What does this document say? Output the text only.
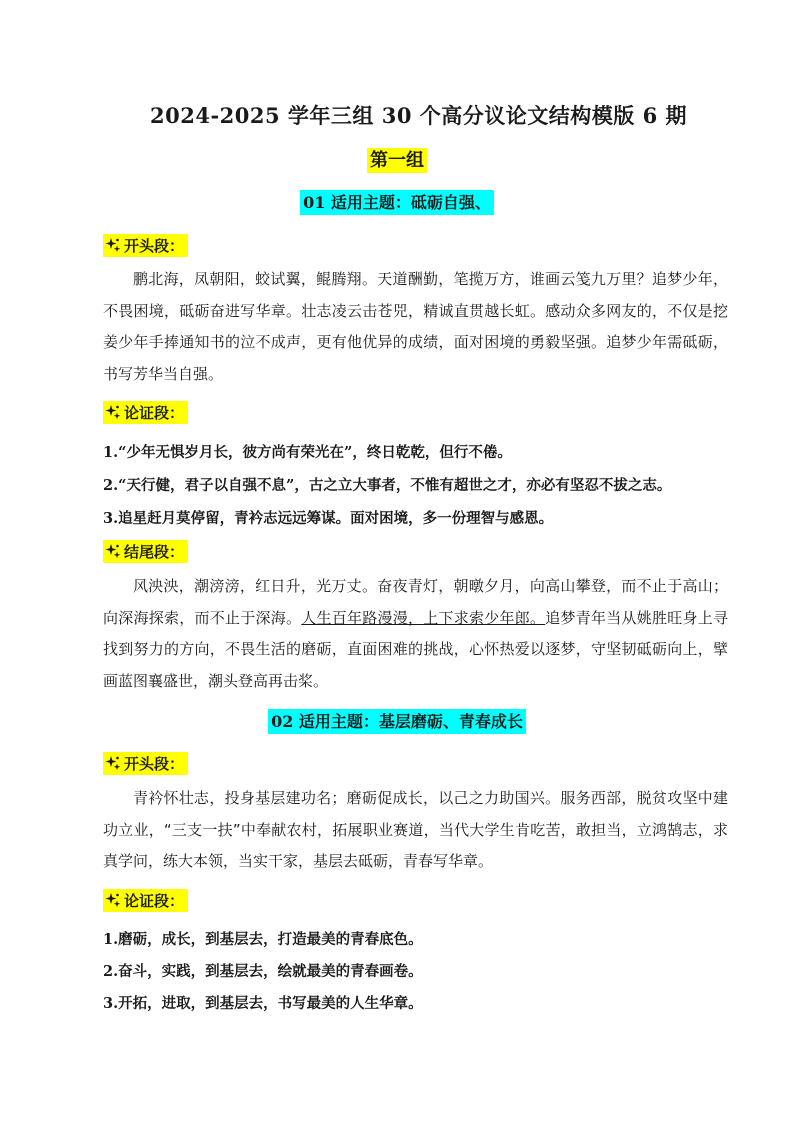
2024-2025 学年三组 30 个高分议论文结构模版 6 期
第一组
01 适用主题：砥砺自强、
开头段：
鹏北海，凤朝阳，蛟试翼，鲲腾翔。天道酬勤，笔揽万方，谁画云笺九万里？追梦少年，不畏困境，砥砺奋进写华章。壮志凌云击苍兕，精诚直贯越长虹。感动众多网友的，不仅是挖姜少年手捧通知书的泣不成声，更有他优异的成绩，面对困境的勇毅坚强。追梦少年需砥砺，书写芳华当自强。
论证段：
1.“少年无惧岁月长，彼方尚有荣光在”，终日乾乾，但行不倦。
2.“天行健，君子以自强不息”，古之立大事者，不惟有超世之才，亦必有坚忍不拔之志。
3.追星赶月莫停留，青衿志远远筹谋。面对困境，多一份理智与感恩。
结尾段：
风泱泱，潮滂滂，红日升，光万丈。奋夜青灯，朝暾夕月，向高山攀登，而不止于高山；向深海探索，而不止于深海。人生百年路漫漫，上下求索少年郎。追梦青年当从姚胜旺身上寻找到努力的方向，不畏生活的磨砺，直面困难的挑战，心怀热爱以逐梦，守坚韧砥砺向上，擘画蓝图襄盛世，潮头登高再击桨。
02 适用主题：基层磨砺、青春成长
开头段：
青衿怀壮志，投身基层建功名；磨砺促成长，以己之力助国兴。服务西部，脱贫攻坚中建功立业，“三支一扶”中奉献农村，拓展职业赛道，当代大学生肯吃苦，敢担当，立鸿鹄志，求真学问，练大本领，当实干家，基层去砥砺，青春写华章。
论证段：
1.磨砺，成长，到基层去，打造最美的青春底色。
2.奋斗，实践，到基层去，绘就最美的青春画卷。
3.开拓，进取，到基层去，书写最美的人生华章。
